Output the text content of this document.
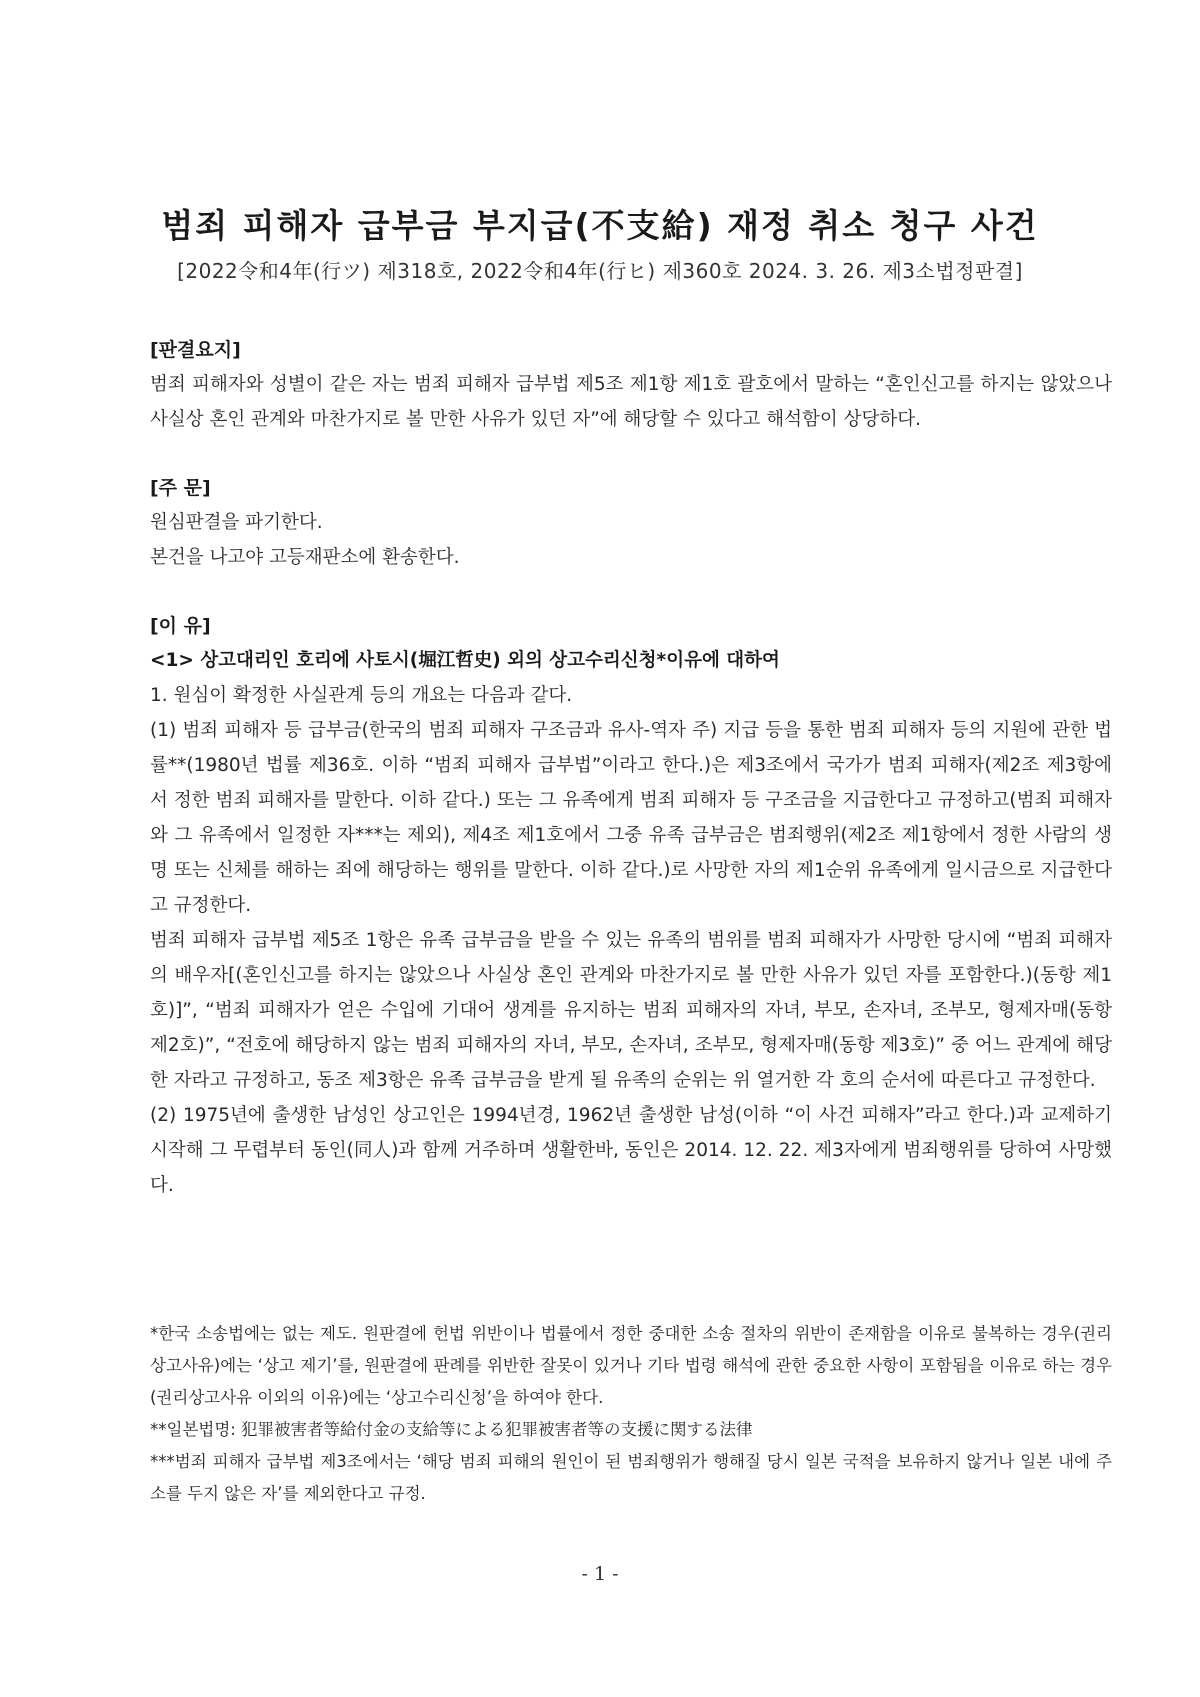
범죄 피해자 급부금 부지급(不支給) 재정 취소 청구 사건
[2022令和4年(行ツ) 제318호, 2022令和4年(行ヒ) 제360호 2024. 3. 26. 제3소법정판결]
[판결요지]

범죄 피해자와 성별이 같은 자는 범죄 피해자 급부법 제5조 제1항 제1호 괄호에서 말하는 “혼인신고를 하지는 않았으나 사실상 혼인 관계와 마찬가지로 볼 만한 사유가 있던 자”에 해당할 수 있다고 해석함이 상당하다.

[주 문]

원심판결을 파기한다.

본건을 나고야 고등재판소에 환송한다.

[이 유]
<1> 상고대리인 호리에 사토시(堀江哲史) 외의 상고수리신청*이유에 대하여

1. 원심이 확정한 사실관계 등의 개요는 다음과 같다.

(1) 범죄 피해자 등 급부금(한국의 범죄 피해자 구조금과 유사-역자 주) 지급 등을 통한 범죄 피해자 등의 지원에 관한 법률**(1980년 법률 제36호. 이하 “범죄 피해자 급부법”이라고 한다.)은 제3조에서 국가가 범죄 피해자(제2조 제3항에서 정한 범죄 피해자를 말한다. 이하 같다.) 또는 그 유족에게 범죄 피해자 등 구조금을 지급한다고 규정하고(범죄 피해자와 그 유족에서 일정한 자***는 제외), 제4조 제1호에서 그중 유족 급부금은 범죄행위(제2조 제1항에서 정한 사람의 생명 또는 신체를 해하는 죄에 해당하는 행위를 말한다. 이하 같다.)로 사망한 자의 제1순위 유족에게 일시금으로 지급한다고 규정한다.

범죄 피해자 급부법 제5조 1항은 유족 급부금을 받을 수 있는 유족의 범위를 범죄 피해자가 사망한 당시에 “범죄 피해자의 배우자[(혼인신고를 하지는 않았으나 사실상 혼인 관계와 마찬가지로 볼 만한 사유가 있던 자를 포함한다.)(동항 제1호)]”, “범죄 피해자가 얻은 수입에 기대어 생계를 유지하는 범죄 피해자의 자녀, 부모, 손자녀, 조부모, 형제자매(동항 제2호)”, “전호에 해당하지 않는 범죄 피해자의 자녀, 부모, 손자녀, 조부모, 형제자매(동항 제3호)” 중 어느 관계에 해당한 자라고 규정하고, 동조 제3항은 유족 급부금을 받게 될 유족의 순위는 위 열거한 각 호의 순서에 따른다고 규정한다.

(2) 1975년에 출생한 남성인 상고인은 1994년경, 1962년 출생한 남성(이하 “이 사건 피해자”라고 한다.)과 교제하기 시작해 그 무렵부터 동인(同人)과 함께 거주하며 생활한바, 동인은 2014. 12. 22. 제3자에게 범죄행위를 당하여 사망했다.

*한국 소송법에는 없는 제도. 원판결에 헌법 위반이나 법률에서 정한 중대한 소송 절차의 위반이 존재함을 이유로 불복하는 경우(권리상고사유)에는 ‘상고 제기’를, 원판결에 판례를 위반한 잘못이 있거나 기타 법령 해석에 관한 중요한 사항이 포함됨을 이유로 하는 경우(권리상고사유 이외의 이유)에는 ‘상고수리신청’을 하여야 한다.

**일본법명: 犯罪被害者等給付金の支給等による犯罪被害者等の支援に関する法律

***범죄 피해자 급부법 제3조에서는 ‘해당 범죄 피해의 원인이 된 범죄행위가 행해질 당시 일본 국적을 보유하지 않거나 일본 내에 주소를 두지 않은 자’를 제외한다고 규정.

- 1 -
